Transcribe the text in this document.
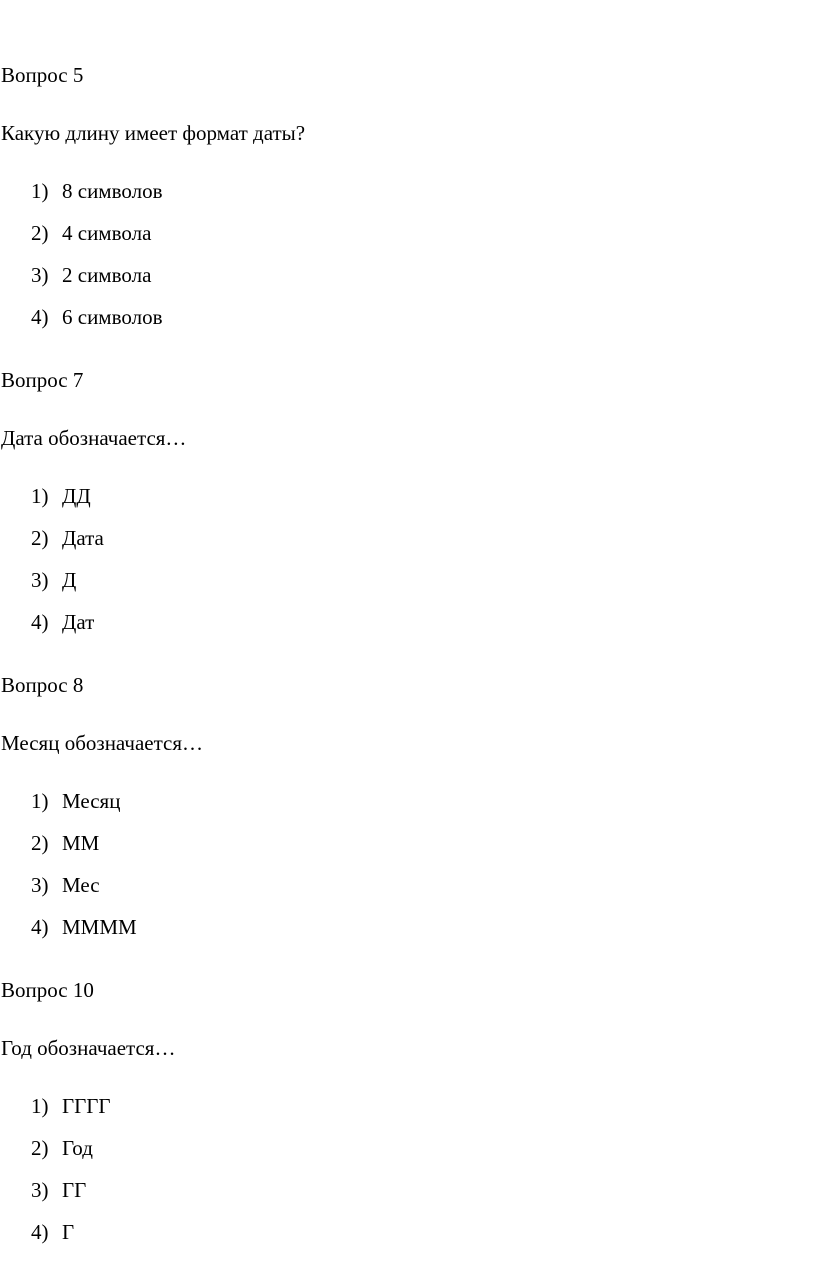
Вопрос 5
Какую длину имеет формат даты?
1) 8 символов
2) 4 символа
3) 2 символа
4) 6 символов
Вопрос 7
Дата обозначается…
1) ДД
2) Дата
3) Д
4) Дат
Вопрос 8
Месяц обозначается…
1) Месяц
2) ММ
3) Мес
4) ММММ
Вопрос 10
Год обозначается…
1) ГГГГ
2) Год
3) ГГ
4) Г
